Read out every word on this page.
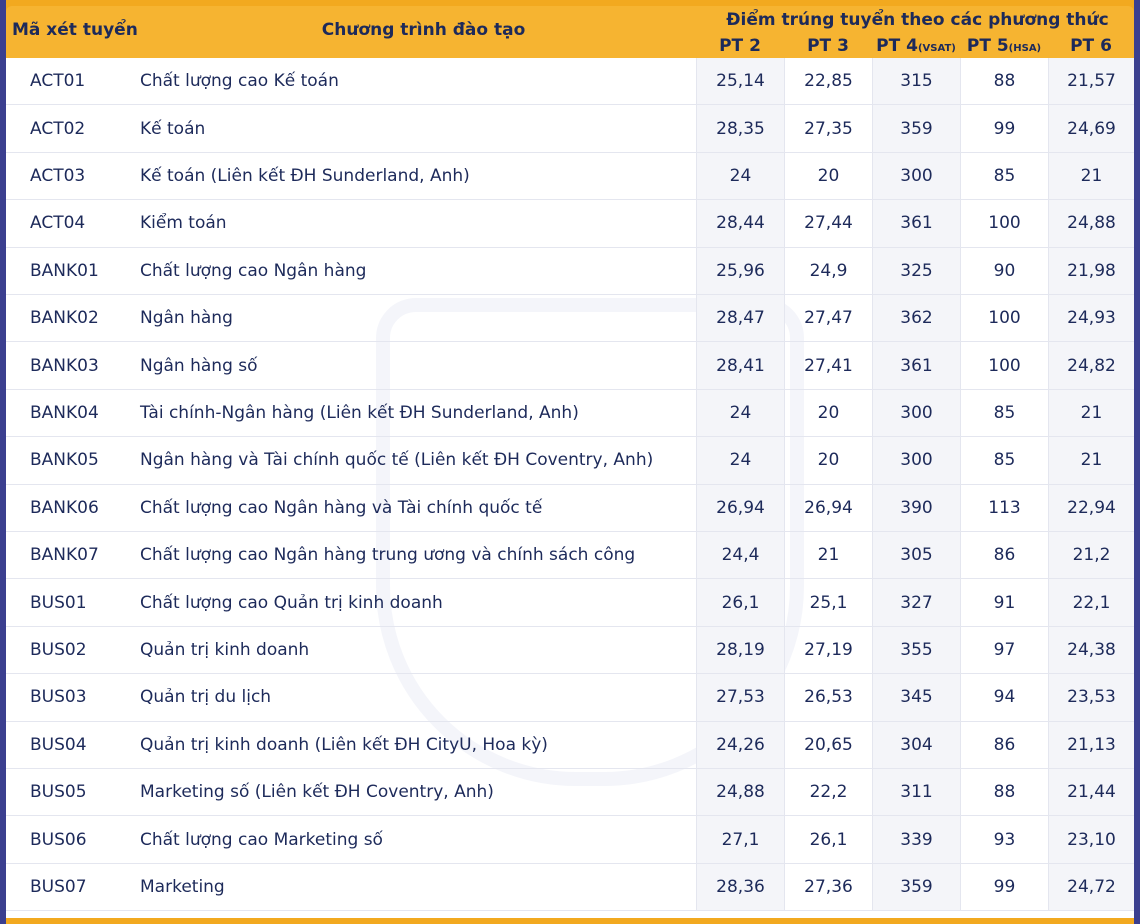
Mã xét tuyển	Chương trình đào tạo	Điểm trúng tuyển theo các phương thức
PT 2	PT 3	PT 4(VSAT) PT 5(HSA)	PT 6
ACT01	Chất lượng cao Kế toán	25,14	22,85	315	88	21,57
ACT02	Kế toán	28,35	27,35	359	99	24,69
ACT03	Kế toán (Liên kết ĐH Sunderland, Anh)	24	20	300	85	21
ACT04	Kiểm toán	28,44	27,44	361	100	24,88
BANK01	Chất lượng cao Ngân hàng	25,96	24,9	325	90	21,98
BANK02	Ngân hàng	28,47	27,47	362	100	24,93
BANK03	Ngân hàng số	28,41	27,41	361	100	24,82
BANK04	Tài chính-Ngân hàng (Liên kết ĐH Sunderland, Anh)	24	20	300	85	21
BANK05	Ngân hàng và Tài chính quốc tế (Liên kết ĐH Coventry, Anh)	24	20	300	85	21
BANK06	Chất lượng cao Ngân hàng và Tài chính quốc tế	26,94	26,94	390	113	22,94
BANK07	Chất lượng cao Ngân hàng trung ương và chính sách công	24,4	21	305	86	21,2
BUS01	Chất lượng cao Quản trị kinh doanh	26,1	25,1	327	91	22,1
BUS02	Quản trị kinh doanh	28,19	27,19	355	97	24,38
BUS03	Quản trị du lịch	27,53	26,53	345	94	23,53
BUS04	Quản trị kinh doanh (Liên kết ĐH CityU, Hoa kỳ)	24,26	20,65	304	86	21,13
BUS05	Marketing số (Liên kết ĐH Coventry, Anh)	24,88	22,2	311	88	21,44
BUS06	Chất lượng cao Marketing số	27,1	26,1	339	93	23,10
BUS07	Marketing	28,36	27,36	359	99	24,72
